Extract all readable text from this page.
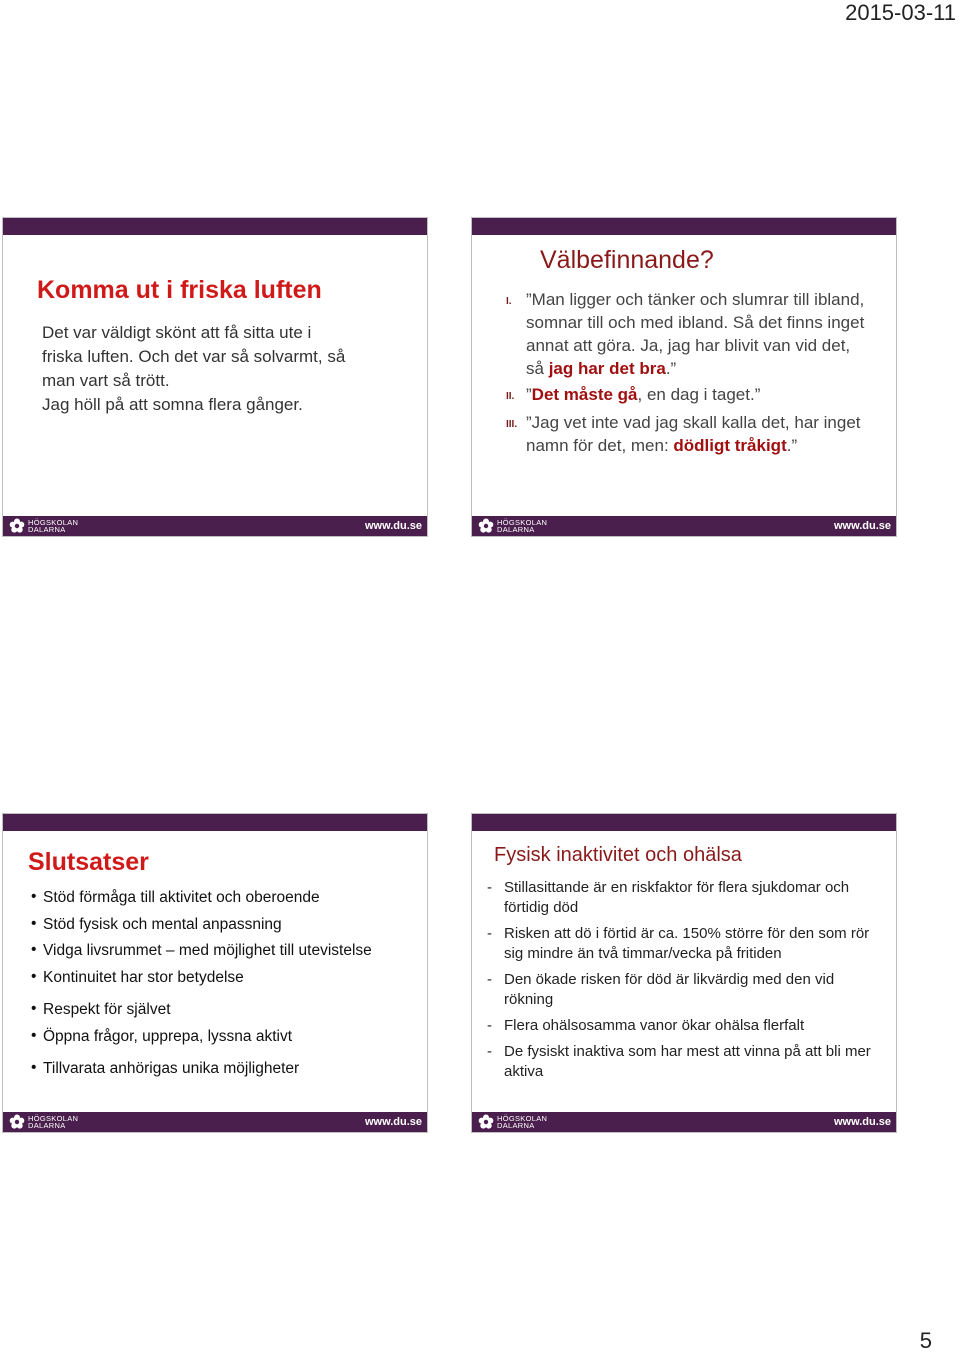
2015-03-11
Komma ut i friska luften

Det var väldigt skönt att få sitta ute i friska luften. Och det var så solvarmt, så man vart så trött.

Jag höll på att somna flera gånger.

HÖGSKOLAN
DALARNA	www.du.se
Välbefinnande?
I. ”Man ligger och tänker och slumrar till ibland, somnar till och med ibland. Så det finns inget annat att göra. Ja, jag har blivit van vid det, så jag har det bra.”
II. ”Det måste gå, en dag i taget.”
III. ”Jag vet inte vad jag skall kalla det, har inget namn för det, men: dödligt tråkigt.”
HÖGSKOLAN
DALARNA	www.du.se
Slutsatser
• Stöd förmåga till aktivitet och oberoende
• Stöd fysisk och mental anpassning
• Vidga livsrummet – med möjlighet till utevistelse
• Kontinuitet har stor betydelse
• Respekt för självet
• Öppna frågor, upprepa, lyssna aktivt
• Tillvarata anhörigas unika möjligheter
HÖGSKOLAN
DALARNA	www.du.se
Fysisk inaktivitet och ohälsa
- Stillasittande är en riskfaktor för flera sjukdomar och förtidig död
- Risken att dö i förtid är ca. 150% större för den som rör sig mindre än två timmar/vecka på fritiden
- Den ökade risken för död är likvärdig med den vid rökning
- Flera ohälsosamma vanor ökar ohälsa flerfalt
- De fysiskt inaktiva som har mest att vinna på att bli mer aktiva
HÖGSKOLAN
DALARNA	www.du.se
5
